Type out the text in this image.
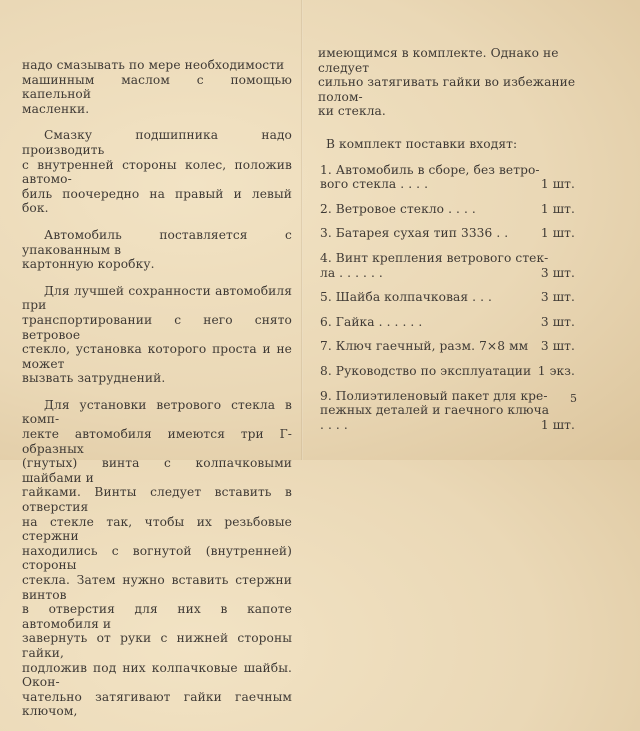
надо смазывать по мере необходимости
машинным маслом с помощью капельной
масленки.

Смазку подшипника надо производить
с внутренней стороны колес, положив автомо-
биль поочередно на правый и левый бок.

Автомобиль поставляется с упакованным в
картонную коробку.

Для лучшей сохранности автомобиля при
транспортировании с него снято ветровое
стекло, установка которого проста и не может
вызвать затруднений.

Для установки ветрового стекла в комп-
лекте автомобиля имеются три Г-образных
(гнутых) винта с колпачковыми шайбами и
гайками. Винты следует вставить в отверстия
на стекле так, чтобы их резьбовые стержни
находились с вогнутой (внутренней) стороны
стекла. Затем нужно вставить стержни винтов
в отверстия для них в капоте автомобиля и
завернуть от руки с нижней стороны гайки,
подложив под них колпачковые шайбы. Окон-
чательно затягивают гайки гаечным ключом,

имеющимся в комплекте. Однако не следует
сильно затягивать гайки во избежание полом-
ки стекла.

В комплект поставки входят:

1. Автомобиль в сборе, без ветро-
вого стекла . . . .	1 шт.
2. Ветровое стекло . . . .	1 шт.
3. Батарея сухая тип 3336 . .	1 шт.
4. Винт крепления ветрового стек-
ла . . . . . .	3 шт.
5. Шайба колпачковая . . .	3 шт.
6. Гайка . . . . . .	3 шт.
7. Ключ гаечный, разм. 7×8 мм 3 шт.
8. Руководство по эксплуатации 1 экз.
9. Полиэтиленовый пакет для кре-
пежных деталей и гаечного ключа
. . . .	1 шт.
5
